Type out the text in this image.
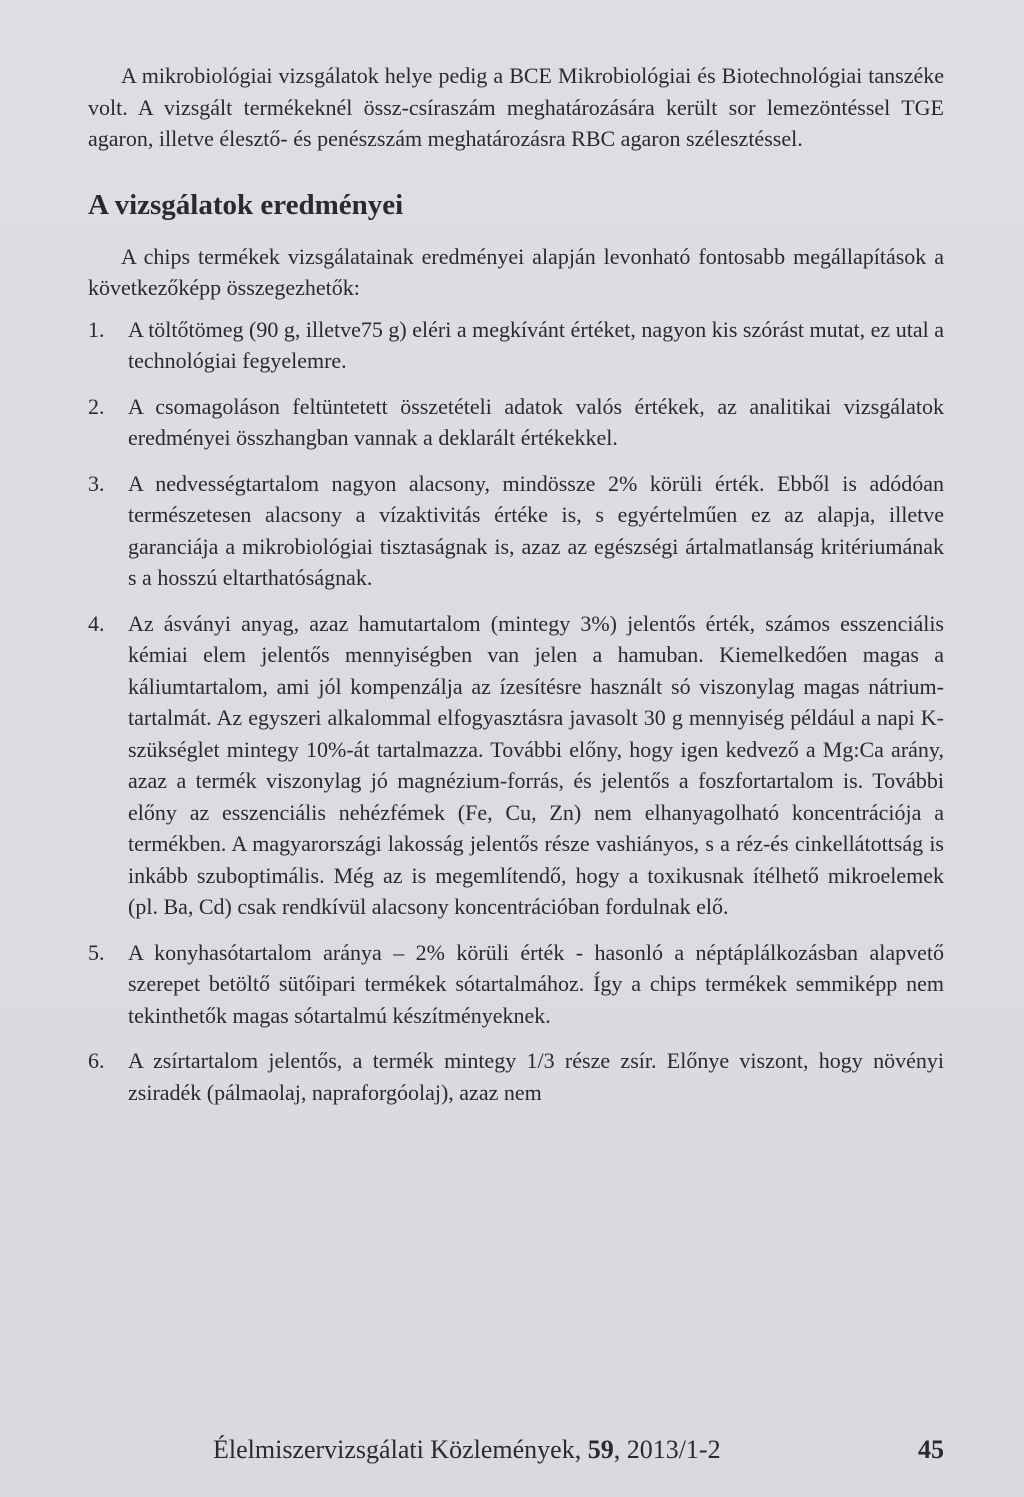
A mikrobiológiai vizsgálatok helye pedig a BCE Mikrobiológiai és Biotechnológiai tanszéke volt. A vizsgált termékeknél össz-csíraszám meghatározására került sor lemezöntéssel TGE agaron, illetve élesztő- és penészszám meghatározásra RBC agaron szélesztéssel.

A vizsgálatok eredményei

A chips termékek vizsgálatainak eredményei alapján levonható fontosabb megállapítások a következőképp összegezhetők:

1. A töltőtömeg (90 g, illetve75 g) eléri a megkívánt értéket, nagyon kis szórást mutat, ez utal a technológiai fegyelemre.
2. A csomagoláson feltüntetett összetételi adatok valós értékek, az analitikai vizsgálatok eredményei összhangban vannak a deklarált értékekkel.
3. A nedvességtartalom nagyon alacsony, mindössze 2% körüli érték. Ebből is adódóan természetesen alacsony a vízaktivitás értéke is, s egyértelműen ez az alapja, illetve garanciája a mikrobiológiai tisztaságnak is, azaz az egészségi ártalmatlanság kritériumának s a hosszú eltarthatóságnak.
4. Az ásványi anyag, azaz hamutartalom (mintegy 3%) jelentős érték, számos esszenciális kémiai elem jelentős mennyiségben van jelen a hamuban. Kiemelkedően magas a káliumtartalom, ami jól kompenzálja az ízesítésre használt só viszonylag magas nátrium-tartalmát. Az egyszeri alkalommal elfogyasztásra javasolt 30 g mennyiség például a napi K-szükséglet mintegy 10%-át tartalmazza. További előny, hogy igen kedvező a Mg:Ca arány, azaz a termék viszonylag jó magnézium-forrás, és jelentős a foszfortartalom is. További előny az esszenciális nehézfémek (Fe, Cu, Zn) nem elhanyagolható koncentrációja a termékben. A magyarországi lakosság jelentős része vashiányos, s a réz-és cinkellátottság is inkább szuboptimális. Még az is megemlítendő, hogy a toxikusnak ítélhető mikroelemek (pl. Ba, Cd) csak rendkívül alacsony koncentrációban fordulnak elő.
5. A konyhasótartalom aránya – 2% körüli érték - hasonló a néptáplálkozásban alapvető szerepet betöltő sütőipari termékek sótartalmához. Így a chips termékek semmiképp nem tekinthetők magas sótartalmú készítményeknek.
6. A zsírtartalom jelentős, a termék mintegy 1/3 része zsír. Előnye viszont, hogy növényi zsiradék (pálmaolaj, napraforgóolaj), azaz nem
Élelmiszervizsgálati Közlemények, 59, 2013/1-2	45
